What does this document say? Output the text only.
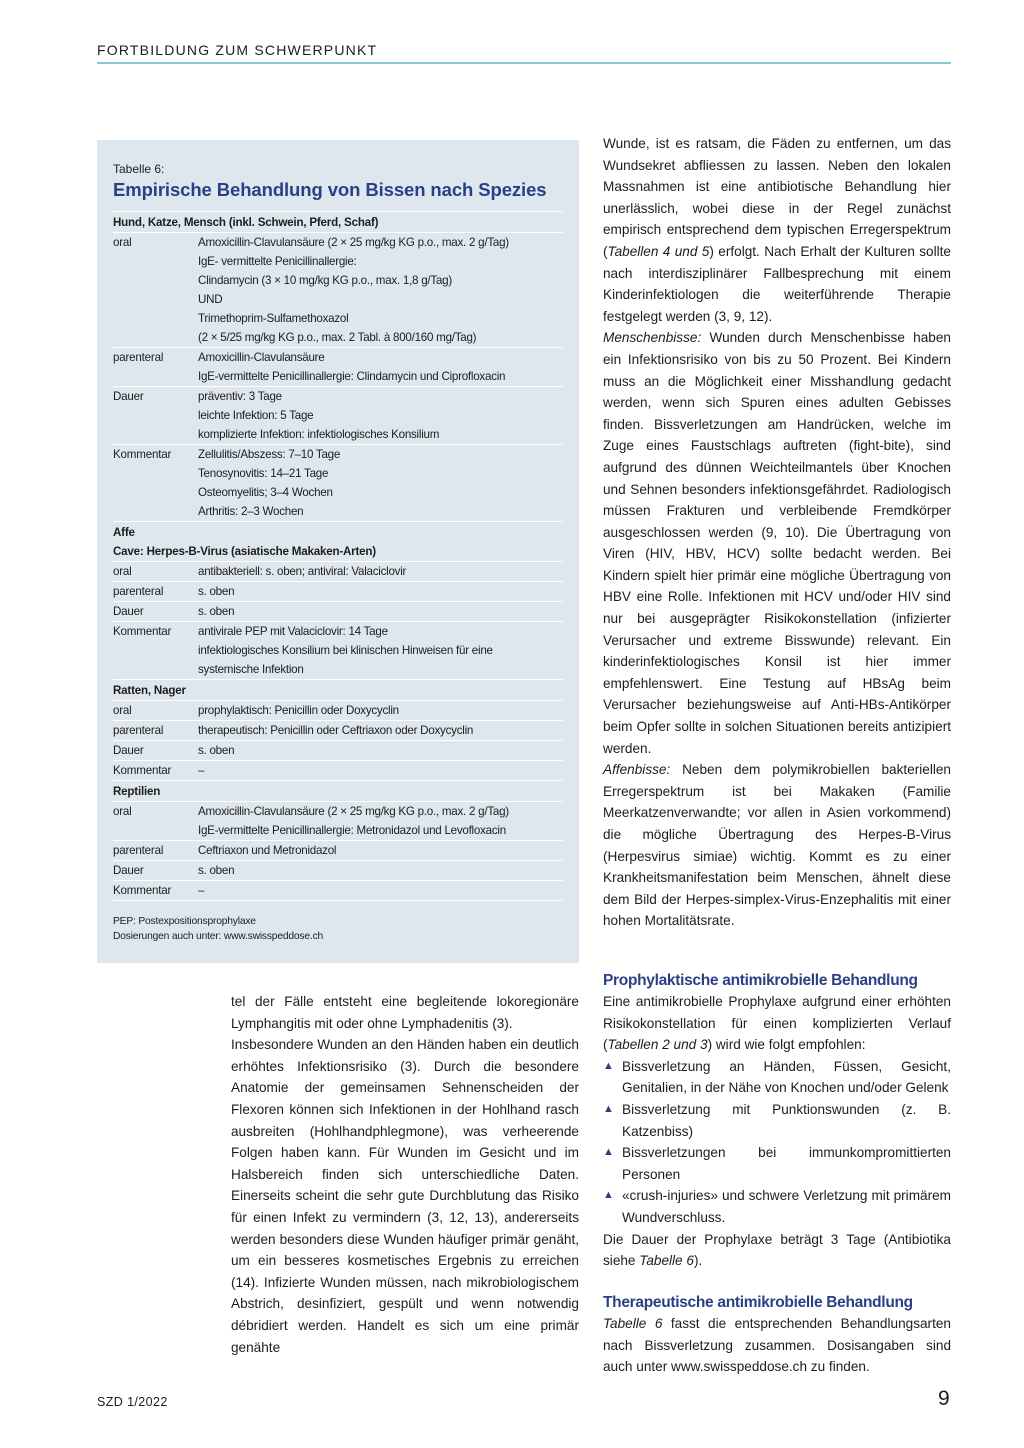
FORTBILDUNG ZUM SCHWERPUNKT
Tabelle 6:
Empirische Behandlung von Bissen nach Spezies
Hund, Katze, Mensch (inkl. Schwein, Pferd, Schaf)
oral	Amoxicillin-Clavulansäure (2 × 25 mg/kg KG p.o., max. 2 g/Tag)
IgE- vermittelte Penicillinallergie:
Clindamycin (3 × 10 mg/kg KG p.o., max. 1,8 g/Tag)
UND
Trimethoprim-Sulfamethoxazol
(2 × 5/25 mg/kg KG p.o., max. 2 Tabl. à 800/160 mg/Tag)
parenteral	Amoxicillin-Clavulansäure
IgE-vermittelte Penicillinallergie: Clindamycin und Ciprofloxacin
Dauer	präventiv: 3 Tage
leichte Infektion: 5 Tage
komplizierte Infektion: infektiologisches Konsilium
Kommentar	Zellulitis/Abszess: 7–10 Tage
Tenosynovitis: 14–21 Tage
Osteomyelitis; 3–4 Wochen
Arthritis: 2–3 Wochen
Affe
Cave: Herpes-B-Virus (asiatische Makaken-Arten)
oral	antibakteriell: s. oben; antiviral: Valaciclovir
parenteral	s. oben
Dauer	s. oben
Kommentar	antivirale PEP mit Valaciclovir: 14 Tage
infektiologisches Konsilium bei klinischen Hinweisen für eine
systemische Infektion
Ratten, Nager
oral	prophylaktisch: Penicillin oder Doxycyclin
parenteral	therapeutisch: Penicillin oder Ceftriaxon oder Doxycyclin
Dauer	s. oben
Kommentar	–
Reptilien
oral	Amoxicillin-Clavulansäure (2 × 25 mg/kg KG p.o., max. 2 g/Tag)
IgE-vermittelte Penicillinallergie: Metronidazol und Levofloxacin
parenteral	Ceftriaxon und Metronidazol
Dauer	s. oben
Kommentar	–
PEP: Postexpositionsprophylaxe
Dosierungen auch unter: www.swisspeddose.ch

tel der Fälle entsteht eine begleitende lokoregionäre Lymphangitis mit oder ohne Lymphadenitis (3).

Insbesondere Wunden an den Händen haben ein deutlich erhöhtes Infektionsrisiko (3). Durch die besondere Anatomie der gemeinsamen Sehnenscheiden der Flexoren können sich Infektionen in der Hohlhand rasch ausbreiten (Hohlhandphlegmone), was verheerende Folgen haben kann. Für Wunden im Gesicht und im Halsbereich finden sich unterschiedliche Daten. Einerseits scheint die sehr gute Durchblutung das Risiko für einen Infekt zu vermindern (3, 12, 13), andererseits werden besonders diese Wunden häufiger primär genäht, um ein besseres kosmetisches Ergebnis zu erreichen (14). Infizierte Wunden müssen, nach mikrobiologischem Abstrich, desinfiziert, gespült und wenn notwendig débridiert werden. Handelt es sich um eine primär genähte

Wunde, ist es ratsam, die Fäden zu entfernen, um das Wundsekret abfliessen zu lassen. Neben den lokalen Massnahmen ist eine antibiotische Behandlung hier unerlässlich, wobei diese in der Regel zunächst empirisch entsprechend dem typischen Erregerspektrum (Tabellen 4 und 5) erfolgt. Nach Erhalt der Kulturen sollte nach interdisziplinärer Fallbesprechung mit einem Kinderinfektiologen die weiterführende Therapie festgelegt werden (3, 9, 12).

Menschenbisse: Wunden durch Menschenbisse haben ein Infektionsrisiko von bis zu 50 Prozent. Bei Kindern muss an die Möglichkeit einer Misshandlung gedacht werden, wenn sich Spuren eines adulten Gebisses finden. Bissverletzungen am Handrücken, welche im Zuge eines Faustschlags auftreten (fight-bite), sind aufgrund des dünnen Weichteilmantels über Knochen und Sehnen besonders infektionsgefährdet. Radiologisch müssen Frakturen und verbleibende Fremdkörper ausgeschlossen werden (9, 10). Die Übertragung von Viren (HIV, HBV, HCV) sollte bedacht werden. Bei Kindern spielt hier primär eine mögliche Übertragung von HBV eine Rolle. Infektionen mit HCV und/oder HIV sind nur bei ausgeprägter Risikokonstellation (infizierter Verursacher und extreme Bisswunde) relevant. Ein kinderinfektiologisches Konsil ist hier immer empfehlenswert. Eine Testung auf HBsAg beim Verursacher beziehungsweise auf Anti-HBs-Antikörper beim Opfer sollte in solchen Situationen bereits antizipiert werden.

Affenbisse: Neben dem polymikrobiellen bakteriellen Erregerspektrum ist bei Makaken (Familie Meerkatzenverwandte; vor allen in Asien vorkommend) die mögliche Übertragung des Herpes-B-Virus (Herpesvirus simiae) wichtig. Kommt es zu einer Krankheitsmanifestation beim Menschen, ähnelt diese dem Bild der Herpes-simplex-Virus-Enzephalitis mit einer hohen Mortalitätsrate.

Prophylaktische antimikrobielle Behandlung

Eine antimikrobielle Prophylaxe aufgrund einer erhöhten Risikokonstellation für einen komplizierten Verlauf (Tabellen 2 und 3) wird wie folgt empfohlen:

▲ Bissverletzung an Händen, Füssen, Gesicht, Genitalien, in der Nähe von Knochen und/oder Gelenk
▲ Bissverletzung mit Punktionswunden (z. B. Katzenbiss)
▲ Bissverletzungen bei immunkompromittierten Personen
▲ «crush-injuries» und schwere Verletzung mit primärem Wundverschluss.

Die Dauer der Prophylaxe beträgt 3 Tage (Antibiotika siehe Tabelle 6).

Therapeutische antimikrobielle Behandlung

Tabelle 6 fasst die entsprechenden Behandlungsarten nach Bissverletzung zusammen. Dosisangaben sind auch unter www.swisspeddose.ch zu finden.

SZD 1/2022	9
